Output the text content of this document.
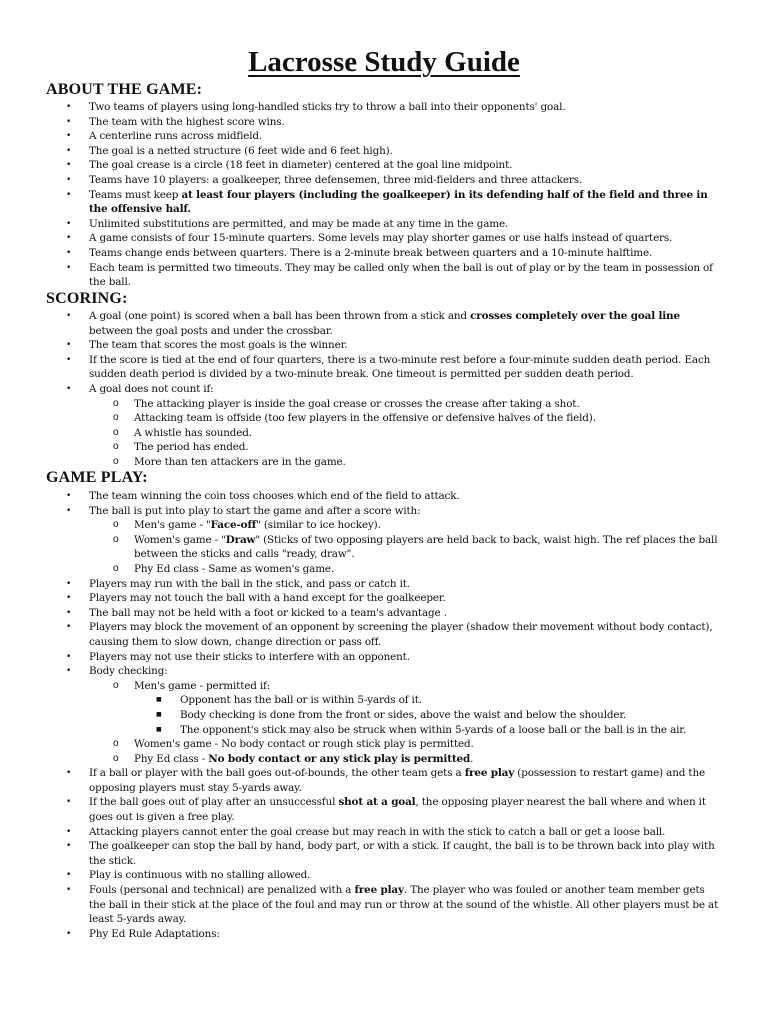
Lacrosse Study Guide
ABOUT THE GAME:
• Two teams of players using long-handled sticks try to throw a ball into their opponents' goal.
• The team with the highest score wins.
• A centerline runs across midfield.
• The goal is a netted structure (6 feet wide and 6 feet high).
• The goal crease is a circle (18 feet in diameter) centered at the goal line midpoint.
• Teams have 10 players: a goalkeeper, three defensemen, three mid-fielders and three attackers.
• Teams must keep at least four players (including the goalkeeper) in its defending half of the field and three in the offensive half.
• Unlimited substitutions are permitted, and may be made at any time in the game.
• A game consists of four 15-minute quarters. Some levels may play shorter games or use halfs instead of quarters.
• Teams change ends between quarters. There is a 2-minute break between quarters and a 10-minute halftime.
• Each team is permitted two timeouts. They may be called only when the ball is out of play or by the team in possession of the ball.
SCORING:
• A goal (one point) is scored when a ball has been thrown from a stick and crosses completely over the goal line between the goal posts and under the crossbar.
• The team that scores the most goals is the winner.
• If the score is tied at the end of four quarters, there is a two-minute rest before a four-minute sudden death period. Each sudden death period is divided by a two-minute break. One timeout is permitted per sudden death period.
• A goal does not count if:
o The attacking player is inside the goal crease or crosses the crease after taking a shot.
o Attacking team is offside (too few players in the offensive or defensive halves of the field).
o A whistle has sounded.
o The period has ended.
o More than ten attackers are in the game.
GAME PLAY:
• The team winning the coin toss chooses which end of the field to attack.
• The ball is put into play to start the game and after a score with:
o Men's game - "Face-off" (similar to ice hockey).
o Women's game - "Draw" (Sticks of two opposing players are held back to back, waist high. The ref places the ball between the sticks and calls "ready, draw".
o Phy Ed class - Same as women's game.
• Players may run with the ball in the stick, and pass or catch it.
• Players may not touch the ball with a hand except for the goalkeeper.
• The ball may not be held with a foot or kicked to a team's advantage .
• Players may block the movement of an opponent by screening the player (shadow their movement without body contact), causing them to slow down, change direction or pass off.
• Players may not use their sticks to interfere with an opponent.
• Body checking:
o Men's game - permitted if:
■ Opponent has the ball or is within 5-yards of it.
■ Body checking is done from the front or sides, above the waist and below the shoulder.
■ The opponent's stick may also be struck when within 5-yards of a loose ball or the ball is in the air.
o Women's game - No body contact or rough stick play is permitted.
o Phy Ed class - No body contact or any stick play is permitted.
• If a ball or player with the ball goes out-of-bounds, the other team gets a free play (possession to restart game) and the opposing players must stay 5-yards away.
• If the ball goes out of play after an unsuccessful shot at a goal, the opposing player nearest the ball where and when it goes out is given a free play.
• Attacking players cannot enter the goal crease but may reach in with the stick to catch a ball or get a loose ball.
• The goalkeeper can stop the ball by hand, body part, or with a stick. If caught, the ball is to be thrown back into play with the stick.
• Play is continuous with no stalling allowed.
• Fouls (personal and technical) are penalized with a free play. The player who was fouled or another team member gets the ball in their stick at the place of the foul and may run or throw at the sound of the whistle. All other players must be at least 5-yards away.
• Phy Ed Rule Adaptations:
